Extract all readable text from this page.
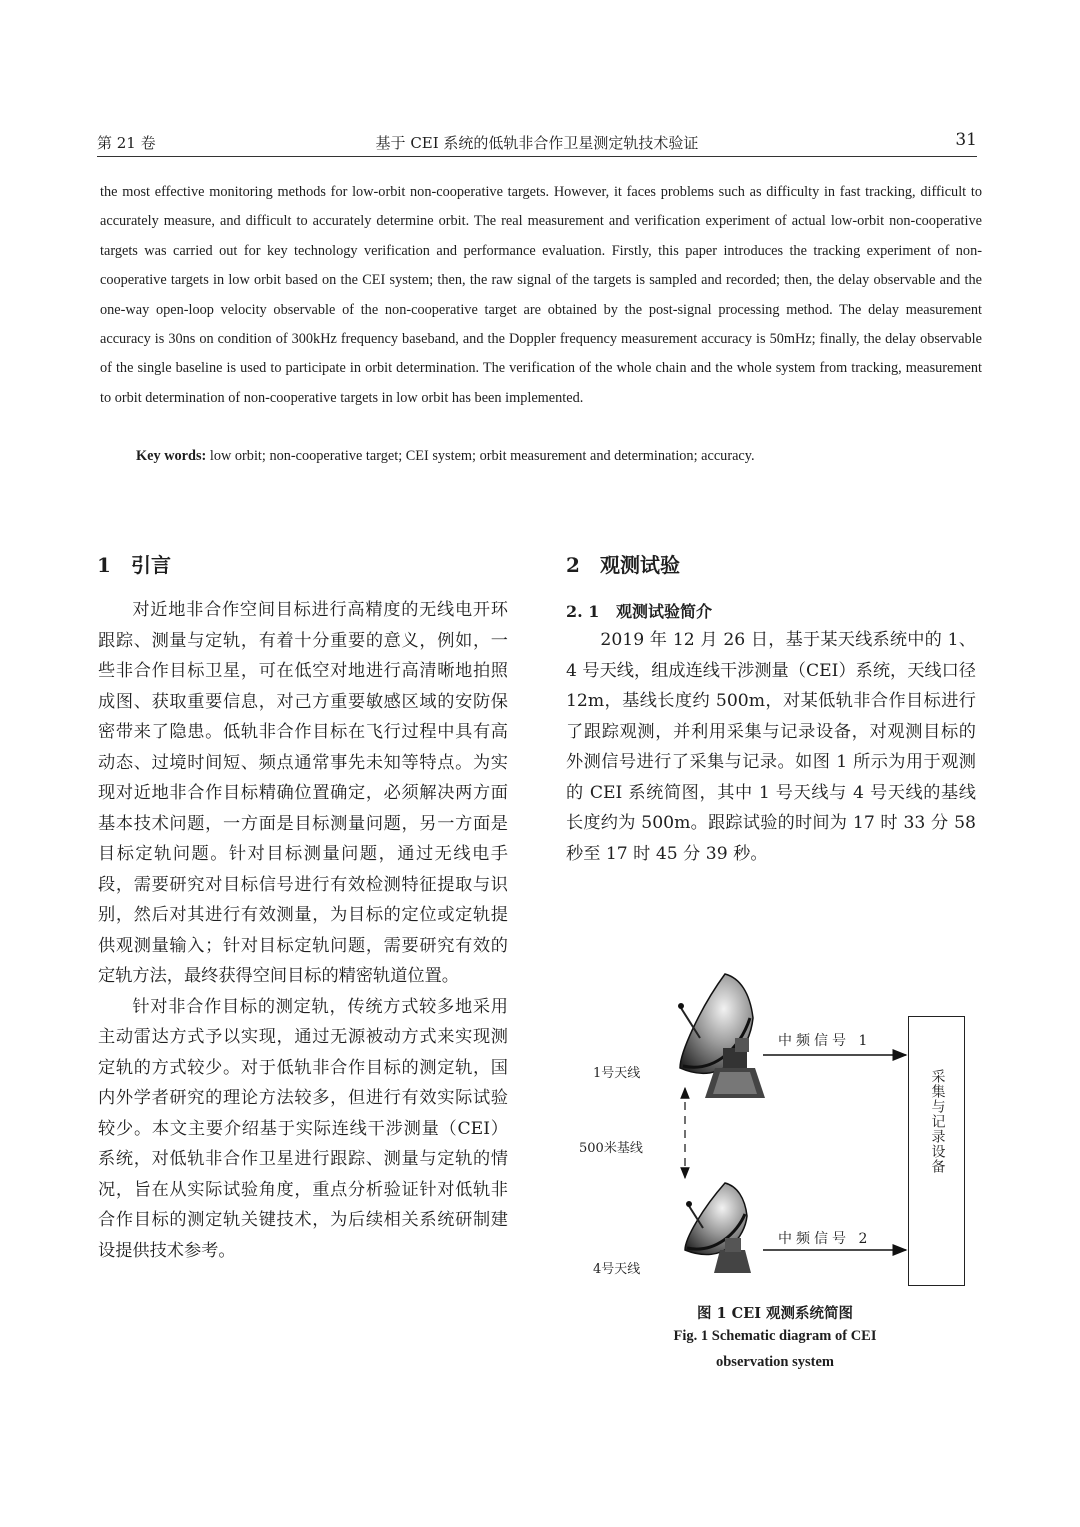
第 21 卷	基于 CEI 系统的低轨非合作卫星测定轨技术验证	31

the most effective monitoring methods for low-orbit non-cooperative targets. However, it faces problems such as difficulty in fast tracking, difficult to accurately measure, and difficult to accurately determine orbit. The real measurement and verification experiment of actual low-orbit non-cooperative targets was carried out for key technology verification and performance evaluation. Firstly, this paper introduces the tracking experiment of non-cooperative targets in low orbit based on the CEI system; then, the raw signal of the targets is sampled and recorded; then, the delay observable and the one-way open-loop velocity observable of the non-cooperative target are obtained by the post-signal processing method. The delay measurement accuracy is 30ns on condition of 300kHz frequency baseband, and the Doppler frequency measurement accuracy is 50mHz; finally, the delay observable of the single baseline is used to participate in orbit determination. The verification of the whole chain and the whole system from tracking, measurement to orbit determination of non-cooperative targets in low orbit has been implemented.

Key words: low orbit; non-cooperative target; CEI system; orbit measurement and determination; accuracy.
1 引言

对近地非合作空间目标进行高精度的无线电开环跟踪、测量与定轨，有着十分重要的意义，例如，一些非合作目标卫星，可在低空对地进行高清晰地拍照成图、获取重要信息，对己方重要敏感区域的安防保密带来了隐患。低轨非合作目标在飞行过程中具有高动态、过境时间短、频点通常事先未知等特点。为实现对近地非合作目标精确位置确定，必须解决两方面基本技术问题，一方面是目标测量问题，另一方面是目标定轨问题。针对目标测量问题，通过无线电手段，需要研究对目标信号进行有效检测特征提取与识别，然后对其进行有效测量，为目标的定位或定轨提供观测量输入；针对目标定轨问题，需要研究有效的定轨方法，最终获得空间目标的精密轨道位置。

针对非合作目标的测定轨，传统方式较多地采用主动雷达方式予以实现，通过无源被动方式来实现测定轨的方式较少。对于低轨非合作目标的测定轨，国内外学者研究的理论方法较多，但进行有效实际试验较少。本文主要介绍基于实际连线干涉测量（CEI）系统，对低轨非合作卫星进行跟踪、测量与定轨的情况，旨在从实际试验角度，重点分析验证针对低轨非合作目标的测定轨关键技术，为后续相关系统研制建设提供技术参考。

2 观测试验
2. 1 观测试验简介

2019 年 12 月 26 日，基于某天线系统中的 1、4 号天线，组成连线干涉测量（CEI）系统，天线口径 12m，基线长度约 500m，对某低轨非合作目标进行了跟踪观测，并利用采集与记录设备，对观测目标的外测信号进行了采集与记录。如图 1 所示为用于观测的 CEI 系统简图，其中 1 号天线与 4 号天线的基线长度约为 500m。跟踪试验的时间为 17 时 33 分 58 秒至 17 时 45 分 39 秒。

中频信号 1
中频信号 2
1号天线
500米基线
4号天线
采集与记录设备
图 1 CEI 观测系统简图
Fig. 1 Schematic diagram of CEI
observation system
